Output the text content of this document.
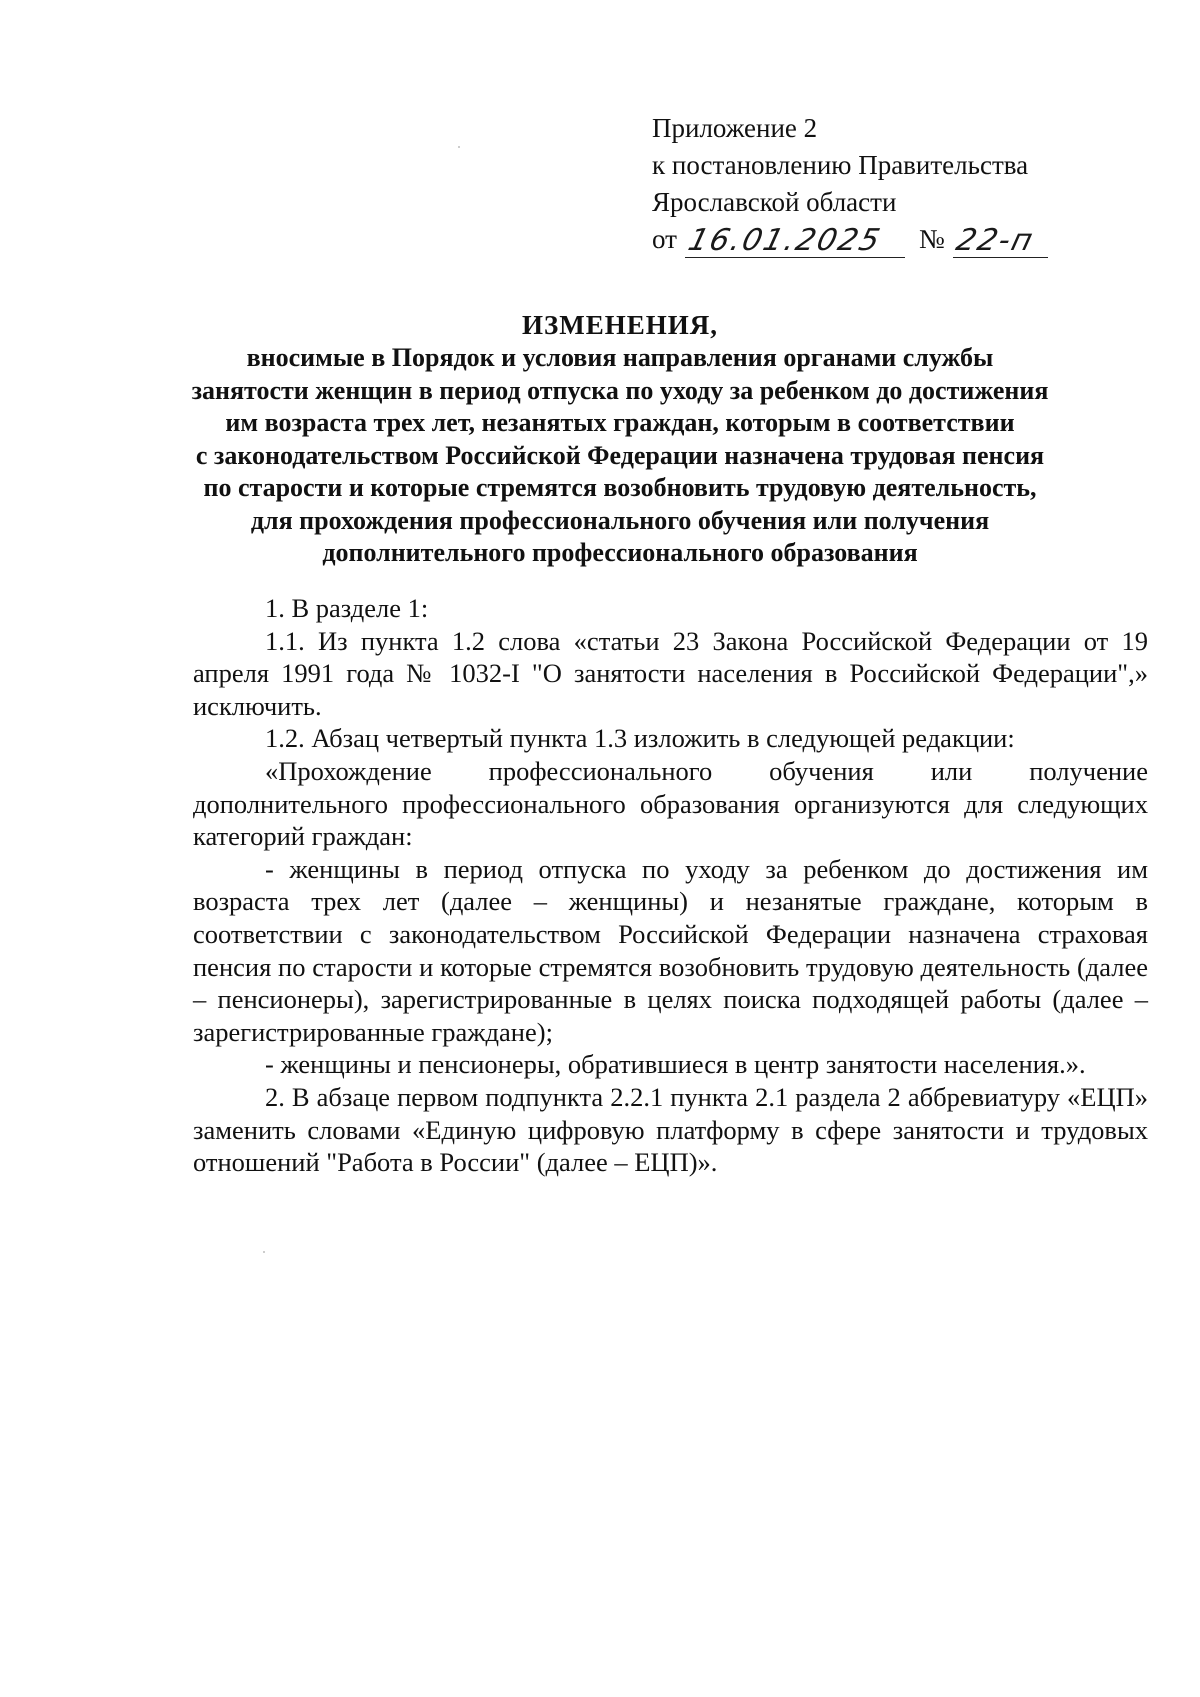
Приложение 2
к постановлению Правительства
Ярославской области
от 16.01.2025 № 22-п
ИЗМЕНЕНИЯ,
вносимые в Порядок и условия направления органами службы
занятости женщин в период отпуска по уходу за ребенком до достижения
им возраста трех лет, незанятых граждан, которым в соответствии
с законодательством Российской Федерации назначена трудовая пенсия
по старости и которые стремятся возобновить трудовую деятельность,
для прохождения профессионального обучения или получения
дополнительного профессионального образования

1. В разделе 1:

1.1. Из пункта 1.2 слова «статьи 23 Закона Российской Федерации от 19 апреля 1991 года № 1032-I "О занятости населения в Российской Федерации",» исключить.

1.2. Абзац четвертый пункта 1.3 изложить в следующей редакции:

«Прохождение профессионального обучения или получение дополнительного профессионального образования организуются для следующих категорий граждан:

- женщины в период отпуска по уходу за ребенком до достижения им возраста трех лет (далее – женщины) и незанятые граждане, которым в соответствии с законодательством Российской Федерации назначена страховая пенсия по старости и которые стремятся возобновить трудовую деятельность (далее – пенсионеры), зарегистрированные в целях поиска подходящей работы (далее – зарегистрированные граждане);

- женщины и пенсионеры, обратившиеся в центр занятости населения.».

2. В абзаце первом подпункта 2.2.1 пункта 2.1 раздела 2 аббревиатуру «ЕЦП» заменить словами «Единую цифровую платформу в сфере занятости и трудовых отношений "Работа в России" (далее – ЕЦП)».
